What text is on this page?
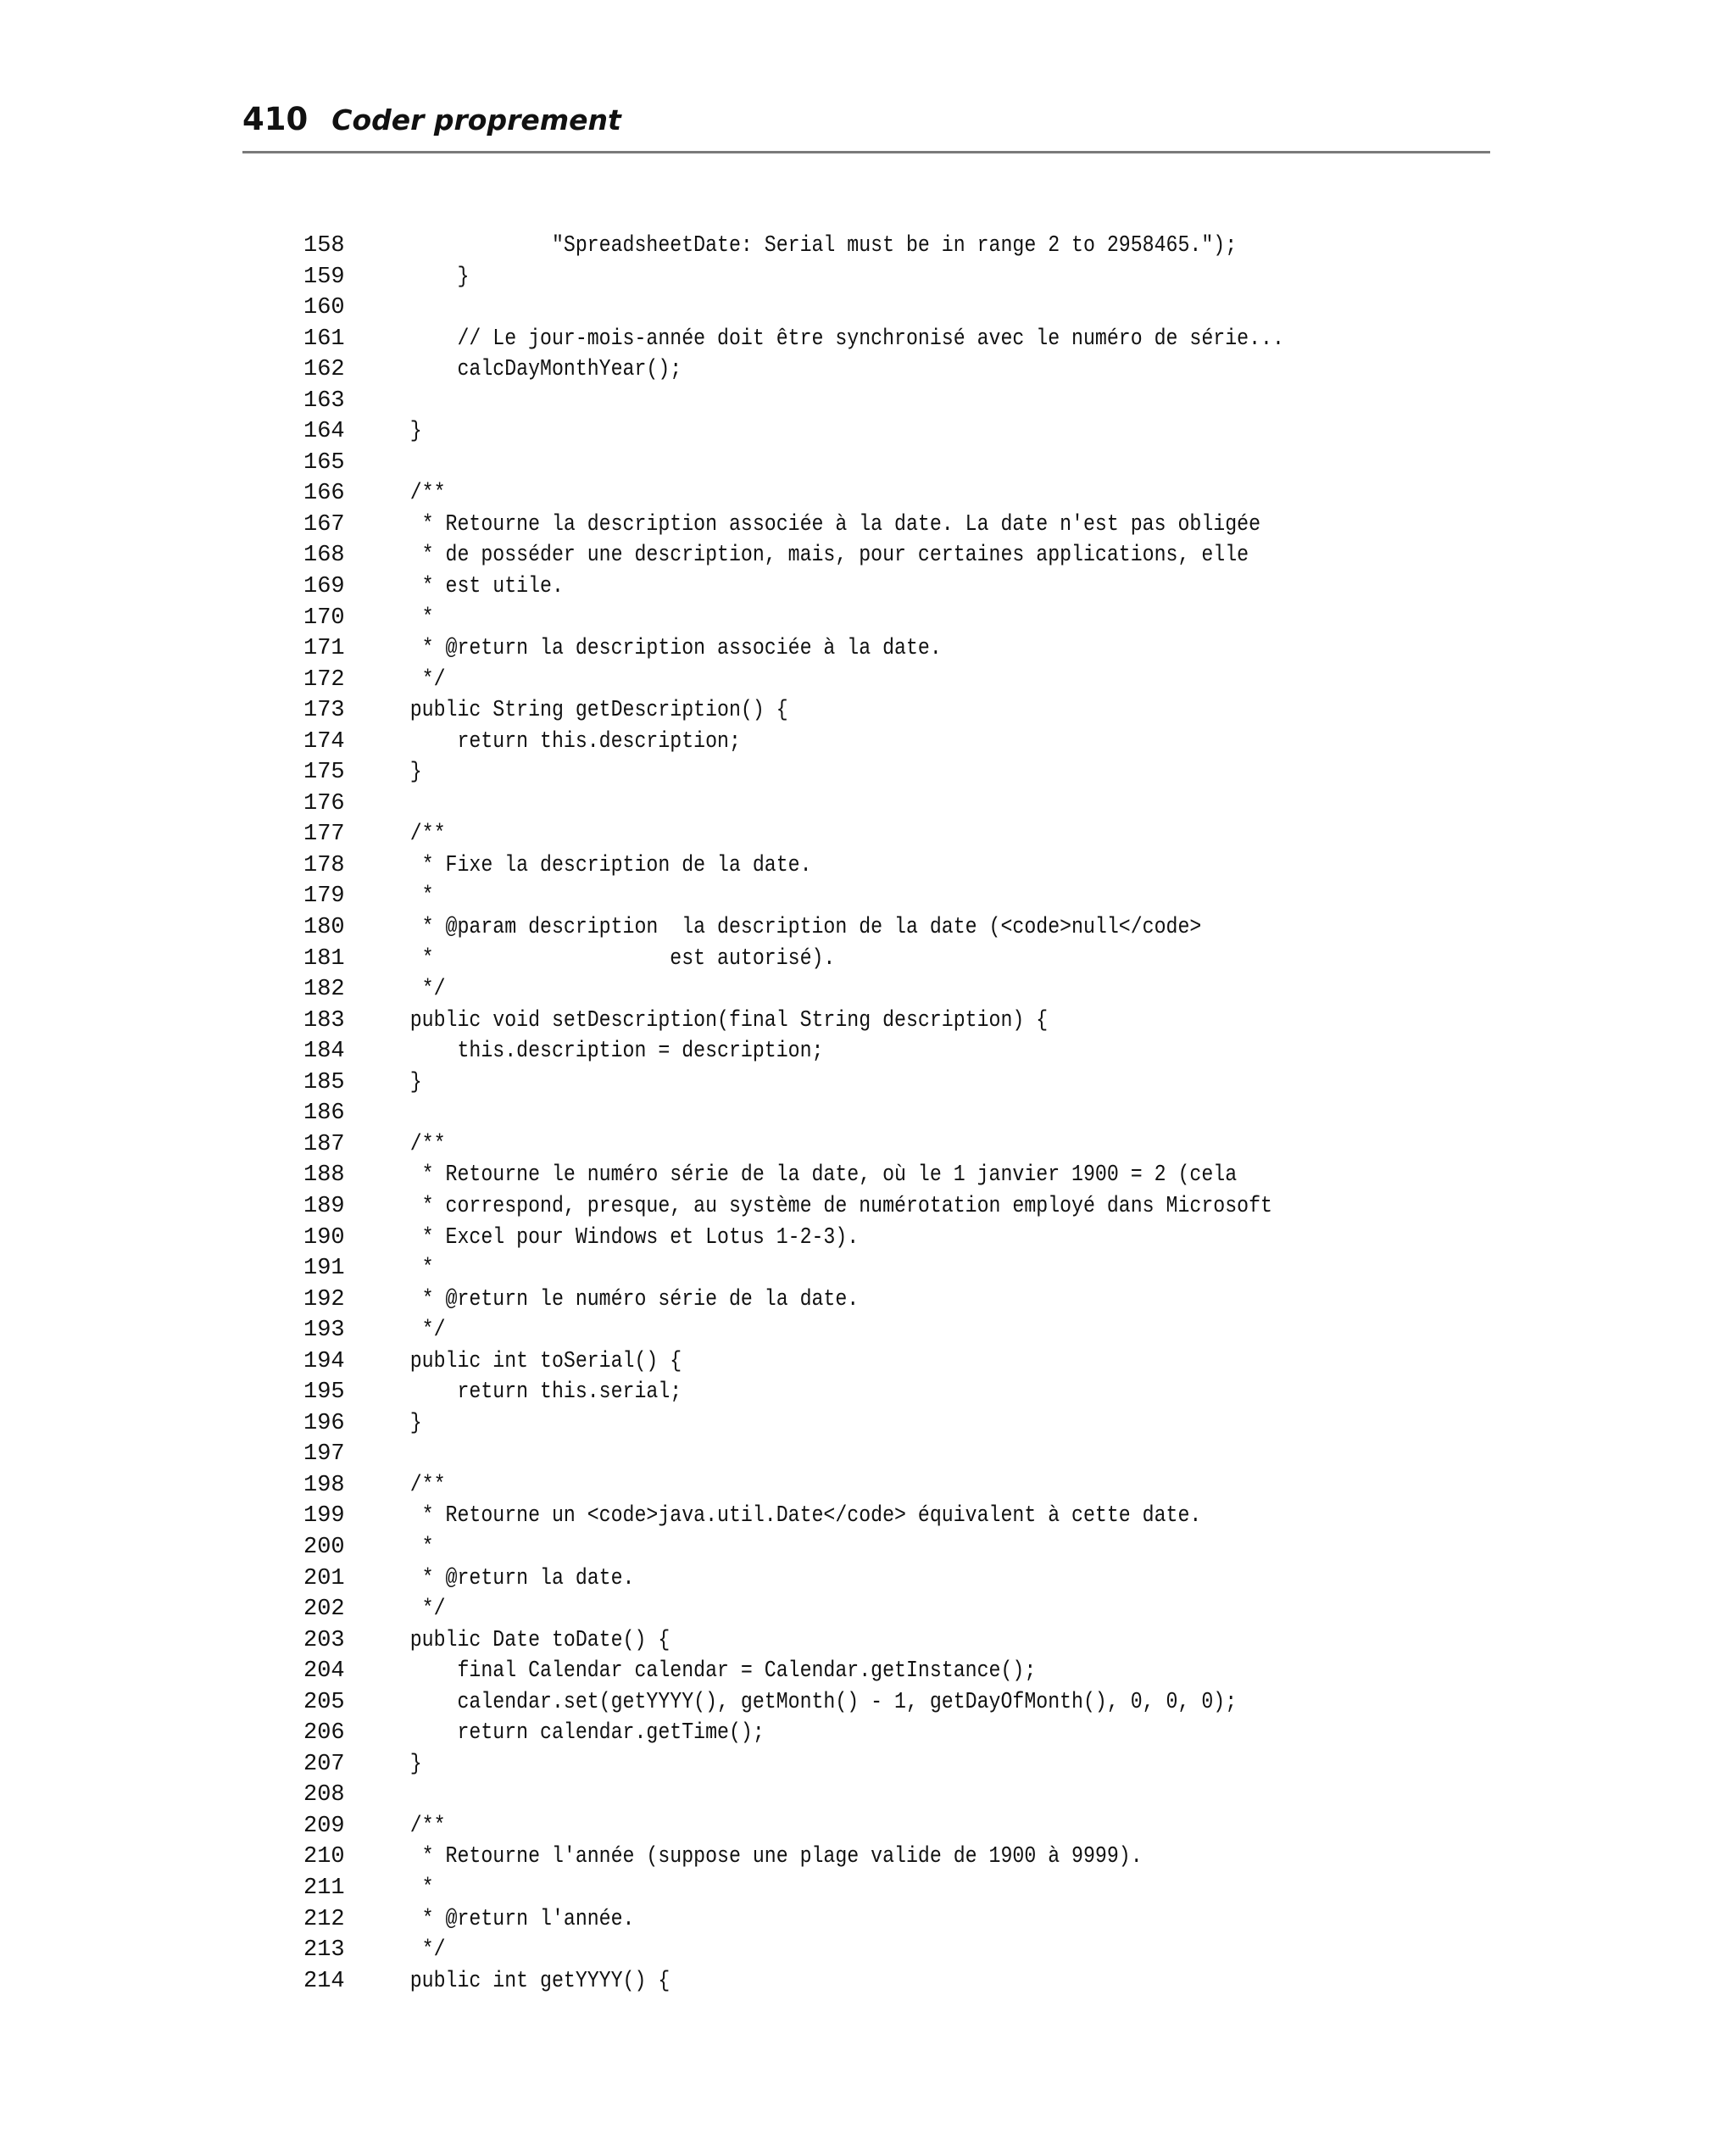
410 Coder proprement
158 "SpreadsheetDate: Serial must be in range 2 to 2958465.");
159 }
160
161 // Le jour-mois-année doit être synchronisé avec le numéro de série...
162 calcDayMonthYear();
163
164 }
165
166 /**
167 * Retourne la description associée à la date. La date n'est pas obligée
168 * de posséder une description, mais, pour certaines applications, elle
169 * est utile.
170 *
171 * @return la description associée à la date.
172 */
173 public String getDescription() {
174 return this.description;
175 }
176
177 /**
178 * Fixe la description de la date.
179 *
180 * @param description  la description de la date (<code>null</code>
181 *                    est autorisé).
182 */
183 public void setDescription(final String description) {
184 this.description = description;
185 }
186
187 /**
188 * Retourne le numéro série de la date, où le 1 janvier 1900 = 2 (cela
189 * correspond, presque, au système de numérotation employé dans Microsoft
190 * Excel pour Windows et Lotus 1-2-3).
191 *
192 * @return le numéro série de la date.
193 */
194 public int toSerial() {
195 return this.serial;
196 }
197
198 /**
199 * Retourne un <code>java.util.Date</code> équivalent à cette date.
200 *
201 * @return la date.
202 */
203 public Date toDate() {
204 final Calendar calendar = Calendar.getInstance();
205 calendar.set(getYYYY(), getMonth() - 1, getDayOfMonth(), 0, 0, 0);
206 return calendar.getTime();
207 }
208
209 /**
210 * Retourne l'année (suppose une plage valide de 1900 à 9999).
211 *
212 * @return l'année.
213 */
214 public int getYYYY() {
